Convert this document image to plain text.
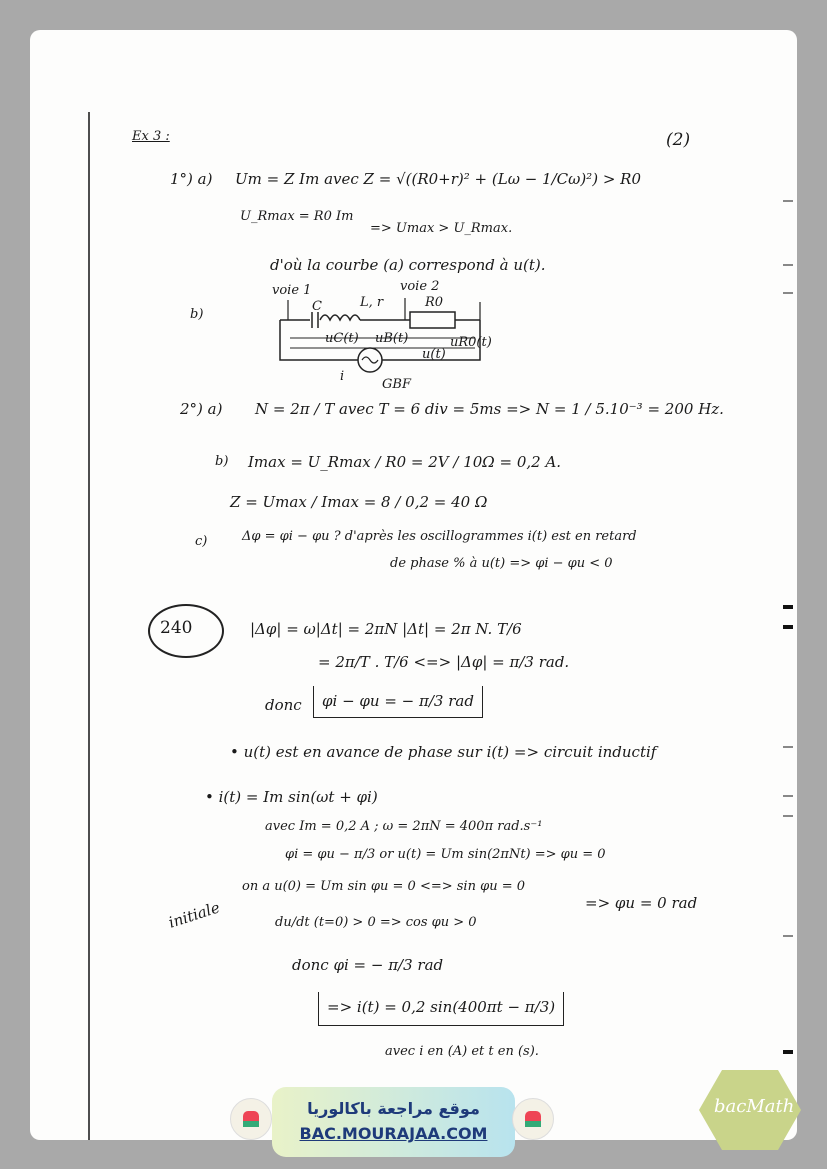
Ex 3 :	(2)
1°) a) Um = Z Im avec Z = √((R0+r)² + (Lω − 1/Cω)²) > R0
U_Rmax = R0 Im
=> Umax > U_Rmax.
d'où la courbe (a) correspond à u(t).
b)
voie 1	voie 2
C	L, r	R0
uC(t) uB(t)	uR0(t)
u(t)
GBF
i
2°) a) N = 2π / T avec T = 6 div = 5ms => N = 1 / 5.10⁻³ = 200 Hz.
b) Imax = U_Rmax / R0 = 2V / 10Ω = 0,2 A.
Z = Umax / Imax = 8 / 0,2 = 40 Ω
c)	Δφ = φi − φu ? d'après les oscillogrammes i(t) est en retard
de phase % à u(t) => φi − φu < 0
240	|Δφ| = ω|Δt| = 2πN |Δt| = 2π N. T/6
= 2π/T . T/6 <=> |Δφ| = π/3 rad.
donc	φi − φu = − π/3 rad
• u(t) est en avance de phase sur i(t) => circuit inductif
• i(t) = Im sin(ωt + φi)
avec Im = 0,2 A ; ω = 2πN = 400π rad.s⁻¹
φi = φu − π/3 or u(t) = Um sin(2πNt) => φu = 0
initiale
on a u(0) = Um sin φu = 0 <=> sin φu = 0
du/dt (t=0) > 0 => cos φu > 0
=> φu = 0 rad
donc φi = − π/3 rad
=> i(t) = 0,2 sin(400πt − π/3)
avec i en (A) et t en (s).
موقع مراجعة باكالوريا
BAC.MOURAJAA.COM
bacMath
